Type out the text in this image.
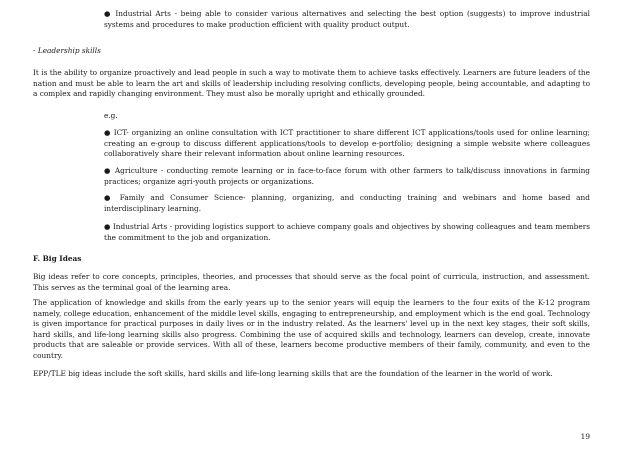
● Industrial Arts - being able to consider various alternatives and selecting the best option (suggests) to improve industrial systems and procedures to make production efficient with quality product output.

- Leadership skills

It is the ability to organize proactively and lead people in such a way to motivate them to achieve tasks effectively. Learners are future leaders of the nation and must be able to learn the art and skills of leadership including resolving conflicts, developing people, being accountable, and adapting to a complex and rapidly changing environment. They must also be morally upright and ethically grounded.

e.g.

● ICT- organizing an online consultation with ICT practitioner to share different ICT applications/tools used for online learning; creating an e-group to discuss different applications/tools to develop e-portfolio; designing a simple website where colleagues collaboratively share their relevant information about online learning resources.

● Agriculture - conducting remote learning or in face-to-face forum with other farmers to talk/discuss innovations in farming practices; organize agri-youth projects or organizations.

● Family and Consumer Science- planning, organizing, and conducting training and webinars and home based and interdisciplinary learning.

● Industrial Arts - providing logistics support to achieve company goals and objectives by showing colleagues and team members the commitment to the job and organization.

F. Big Ideas

Big ideas refer to core concepts, principles, theories, and processes that should serve as the focal point of curricula, instruction, and assessment. This serves as the terminal goal of the learning area.

The application of knowledge and skills from the early years up to the senior years will equip the learners to the four exits of the K-12 program namely, college education, enhancement of the middle level skills, engaging to entrepreneurship, and employment which is the end goal. Technology is given importance for practical purposes in daily lives or in the industry related. As the learners' level up in the next key stages, their soft skills, hard skills, and life-long learning skills also progress. Combining the use of acquired skills and technology, learners can develop, create, innovate products that are saleable or provide services. With all of these, learners become productive members of their family, community, and even to the country.

EPP/TLE big ideas include the soft skills, hard skills and life-long learning skills that are the foundation of the learner in the world of work.

19
